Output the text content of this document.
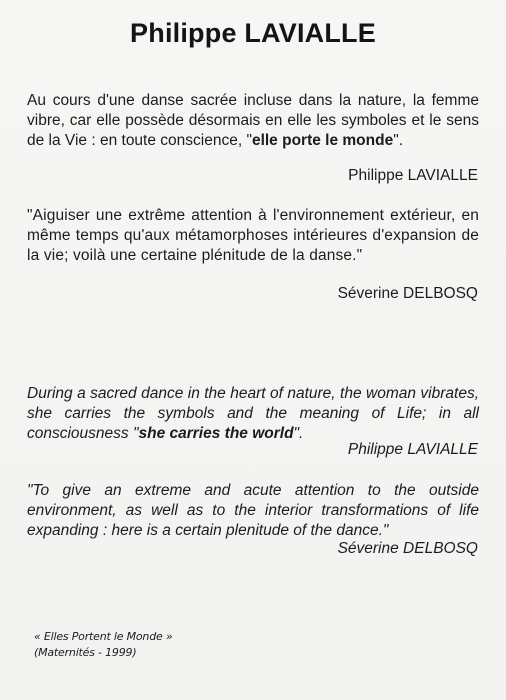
Philippe LAVIALLE
Au cours d'une danse sacrée incluse dans la nature, la femme vibre, car elle possède désormais en elle les symboles et le sens de la Vie : en toute conscience, "elle porte le monde".
Philippe LAVIALLE
"Aiguiser une extrême attention à l'environnement extérieur, en même temps qu'aux métamorphoses intérieures d'expansion de la vie; voilà une certaine plénitude de la danse."
Séverine DELBOSQ
During a sacred dance in the heart of nature, the woman vibrates, she carries the symbols and the meaning of Life; in all consciousness "she carries the world".
Philippe LAVIALLE
"To give an extreme and acute attention to the outside environment, as well as to the interior transformations of life expanding : here is a certain plenitude of the dance."
Séverine DELBOSQ
« Elles Portent le Monde »
(Maternités - 1999)
